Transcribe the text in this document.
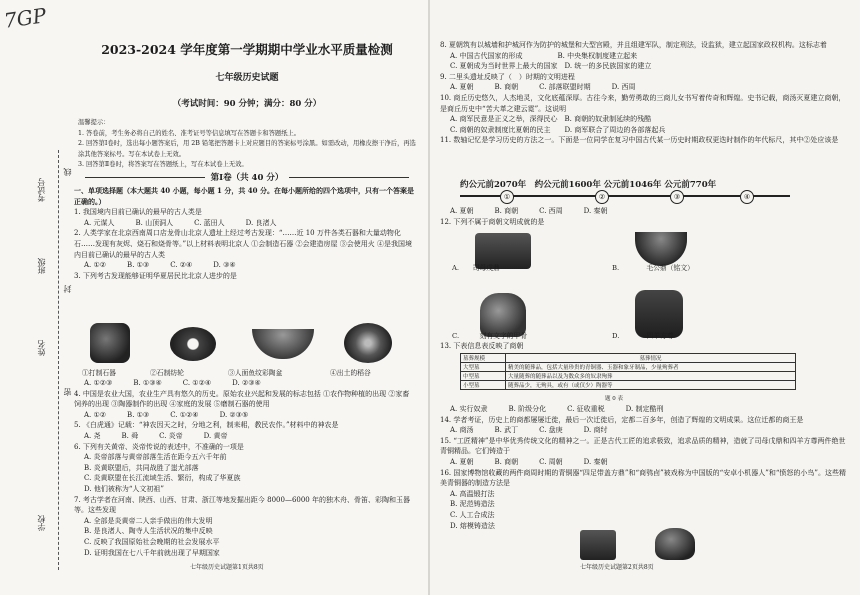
7GP
考试号
线
班级
封
姓名
密
学校
2023-2024 学年度第一学期期中学业水平质量检测
七年级历史试题
（考试时间：90 分钟；满分：80 分）
温馨提示：
1. 答卷前，考生务必将自己的姓名、准考证号等信息填写在答题卡和答题纸上。
2. 回答第Ⅰ卷时，选出每小题答案后，用 2B 铅笔把答题卡上对应题目的答案标号涂黑。如需改动，用橡皮擦干净后，再选涂其他答案标号。写在本试卷上无效。
3. 回答第Ⅱ卷时，将答案写在答题纸上，写在本试卷上无效。
第Ⅰ卷（共 40 分）

一、单项选择题（本大题共 40 小题，每小题 1 分，共 40 分。在每小题所给的四个选项中，只有一个答案是正确的。）

1. 我国境内目前已确认的最早的古人类是

A. 元谋人　　　B. 山顶洞人　　　C. 蓝田人　　　D. 良渚人

2. 人类学家在北京西南周口店龙骨山北京人遗址上经过考古发现：“……近 10 万件各类石器和大量动物化石……发现有灰烬、烧石和烧骨等。”以上材料表明北京人 ①会制造石器 ②会建造房屋 ③会使用火 ④是我国境内目前已确认的最早的古人类

A. ①②　　　B. ①③　　　C. ②④　　　D. ③④

3. 下列考古发现能够证明华夏居民比北京人进步的是

①打制石器	②石制纺轮	③人面鱼纹彩陶盆	④出土的稻谷

A. ①②③　　　B. ①③④　　　C. ①②④　　　D. ②③④

4. 中国是农业大国，农业生产具有悠久的历史。原始农业兴起和发展的标志包括 ①农作物种植的出现 ②家畜饲养的出现 ③陶器制作的出现 ④家庭的发展 ⑤磨制石器的使用

A. ①②　　　B. ①③　　　C. ①②④　　　D. ②③⑤

5. 《白虎通》记载：“神农因天之时，分地之利，制耒耜，教民农作。”材料中的神农是

A. 尧　　　B. 舜　　　C. 炎帝　　　D. 黄帝

6. 下列有关黄帝、炎帝传说的表述中，不准确的一项是

A. 炎帝部落与黄帝部落生活在距今五六千年前
B. 炎黄联盟后，共同战胜了蚩尤部落
C. 炎黄联盟在长江流域生活、繁衍，构成了华夏族
D. 他们被称为“人文初祖”

7. 考古学者在河南、陕西、山西、甘肃、浙江等地发掘出距今 8000—6000 年的独木舟、骨笛、彩陶和玉器等。这些发现

A. 全部是炎黄帝二人亲手做出的伟大发明
B. 是良渚人、陶寺人生活状况的集中反映
C. 反映了我国原始社会晚期的社会发展水平
D. 证明我国在七八千年前就出现了早期国家

七年级历史试题第1页共8页

8. 夏朝筑有以城墙和护城河作为防护的城堡和大型宫殿，并且组建军队，制定刑法，设监狱，建立起国家政权机构。这标志着

A. 中国古代国家的形成　　　　　B. 中央集权制度建立起来
C. 夏朝成为当时世界上最大的国家　D. 统一的多民族国家的建立

9. 二里头遗址反映了（　）时期的文明进程

A. 夏朝　　　B. 商朝　　　C. 部落联盟时期　　　D. 西周

10. 商丘历史悠久，人杰地灵，文化底蕴深厚。古往今来，勤劳勇敢的三商儿女书写着传奇和辉煌。史书记载，商汤灭夏建立商朝，是商丘历史中“苦大革之建云霓”。这说明

A. 商军民意是正义之举，深得民心　B. 商朝的奴隶制延续的残酷
C. 商朝的奴隶制度比夏朝的民主　　D. 商军联合了周边的各部落起兵

11. 数轴记忆是学习历史的方法之一。下面是一位同学在复习中国古代某一历史时期政权更迭时制作的年代标尺，其中②处应该是

约公元前2070年　约公元前1600年 公元前1046年 公元前770年
①	②	③	④

A. 夏朝　　　B. 商朝　　　C. 西周　　　D. 秦朝

12. 下列不属于商朝文明成就的是

A.　　司母戊鼎	B.　　　　毛公鼎（铭文）
C.　　　刻有文字的甲骨	D.　　　　四羊方尊

13. 下表信息表反映了商朝

墓葬规模	墓葬情况
大型墓	精美的随葬品，包括大量珍贵的青铜器、玉器和象牙制品，少量殉葬者
中型墓	大量随葬的随葬品以及为数众多的奴隶殉葬
小型墓	随葬品少，无殉具，或有（或仅少）陶器等
题 0 表

A. 实行奴隶　　　B. 阶级分化　　　C. 征收重税　　　D. 制定酷刑

14. 学者考证，历史上的商都屡屡迁徙，最后一次迁徙后，定都二百多年，创造了辉煌的文明成果。这位迁都的商王是

A. 商汤　　　B. 武丁　　　C. 盘庚　　　D. 商纣

15. “工匠精神”是中华优秀传统文化的精神之一。正是古代工匠的追求极致，追求品质的精神，造就了司母戊鼎和四羊方尊两件绝世青铜精品。它们铸造于

A. 夏朝　　　B. 商朝　　　C. 周朝　　　D. 秦朝

16. 国家博物馆收藏的两件商周时期的青铜器“四足带盖方鼎”和“商鸮卣”被戏称为中国版的“安卓小机器人”和“愤怒的小鸟”。这些精美青铜器的制造方法是

A. 高温锻打法
B. 泥范铸造法
C. 人工合成法
D. 熔模铸造法

七年级历史试题第2页共8页
